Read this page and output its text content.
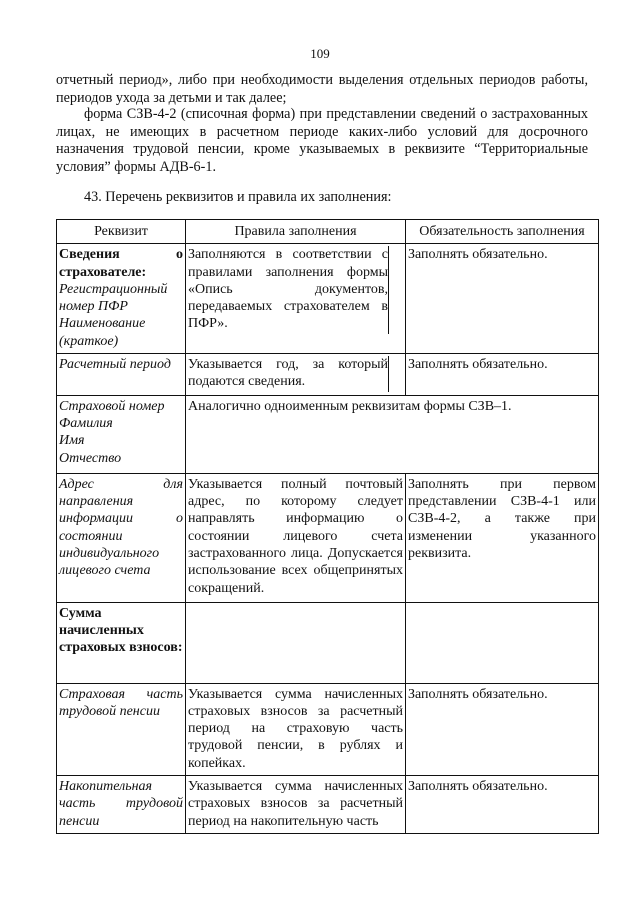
109

отчетный период», либо при необходимости выделения отдельных периодов работы, периодов ухода за детьми и так далее;

форма СЗВ-4-2 (списочная форма) при представлении сведений о застрахованных лицах, не имеющих в расчетном периоде каких-либо условий для досрочного назначения трудовой пенсии, кроме указываемых в реквизите “Территориальные условия” формы АДВ-6-1.

43. Перечень реквизитов и правила их заполнения:
Реквизит	Правила заполнения	Обязательность заполнения

Сведения о страхователе:
Регистрационный номер ПФР
Наименование (краткое)	Заполняются в соответствии с правилами заполнения формы «Опись документов, передаваемых страхователем в ПФР».	Заполнять обязательно.

Расчетный период	Указывается год, за который подаются сведения.	Заполнять обязательно.

Страховой номер
Фамилия
Имя
Отчество	Аналогично одноименным реквизитам формы СЗВ–1.	

Адрес для направления информации о состоянии индивидуального лицевого счета	Указывается полный почтовый адрес, по которому следует направлять информацию о состоянии лицевого счета застрахованного лица. Допускается использование всех общепринятых сокращений.	Заполнять при первом представлении СЗВ-4-1 или СЗВ-4-2, а также при изменении указанного реквизита.

Сумма начисленных страховых взносов:		

Страховая часть трудовой пенсии	Указывается сумма начисленных страховых взносов за расчетный период на страховую часть трудовой пенсии, в рублях и копейках.	Заполнять обязательно.

Накопительная часть трудовой пенсии	Указывается сумма начисленных страховых взносов за расчетный период на накопительную часть	Заполнять обязательно.
